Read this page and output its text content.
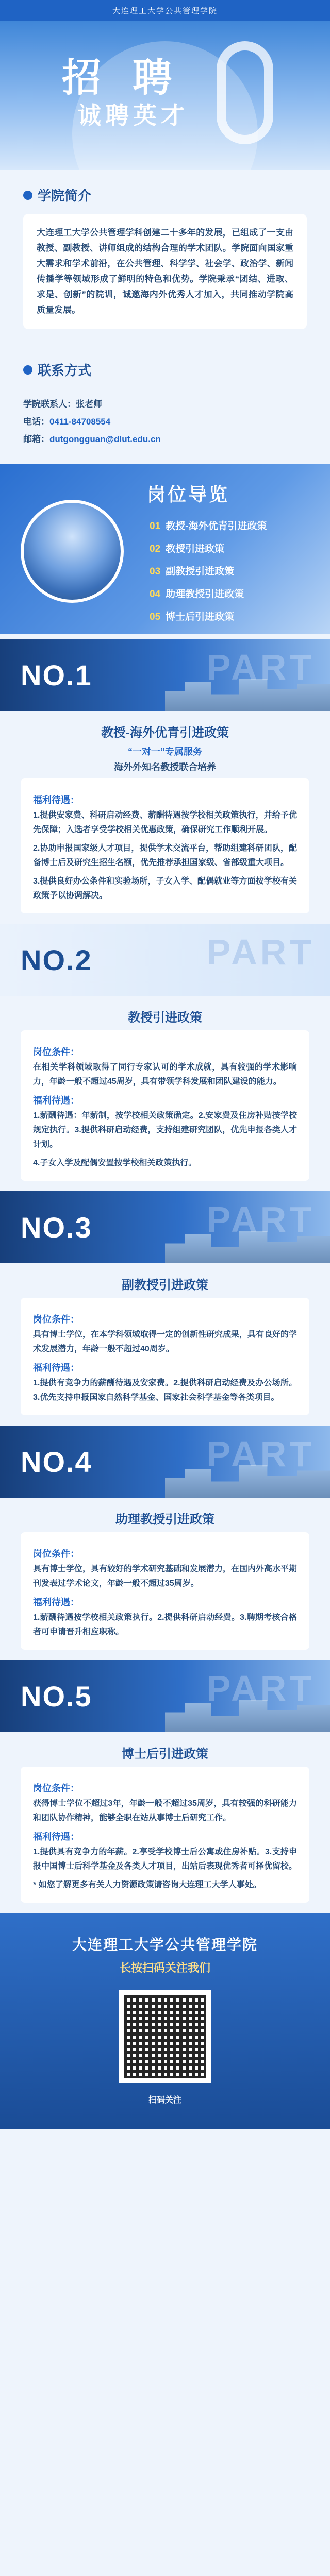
大连理工大学公共管理学院
招 聘
诚聘英才
学院简介
大连理工大学公共管理学科创建二十多年的发展，已组成了一支由教授、副教授、讲师组成的结构合理的学术团队。学院面向国家重大需求和学术前沿，在公共管理、科学学、社会学、政治学、新闻传播学等领域形成了鲜明的特色和优势。学院秉承“团结、进取、求是、创新”的院训，诚邀海内外优秀人才加入，共同推动学院高质量发展。
联系方式
学院联系人：张老师
电话：0411-84708554
邮箱：dutgongguan@dlut.edu.cn
岗位导览
01 教授-海外优青引进政策
02 教授引进政策
03 副教授引进政策
04 助理教授引进政策
05 博士后引进政策
PART
NO.1
教授-海外优青引进政策
“一对一”专属服务
海外外知名教授联合培养
福利待遇：

1.提供安家费、科研启动经费、薪酬待遇按学校相关政策执行，并给予优先保障；入选者享受学校相关优惠政策，确保研究工作顺利开展。

2.协助申报国家级人才项目，提供学术交流平台，帮助组建科研团队，配备博士后及研究生招生名额，优先推荐承担国家级、省部级重大项目。

3.提供良好办公条件和实验场所，子女入学、配偶就业等方面按学校有关政策予以协调解决。

PART
NO.2
教授引进政策
岗位条件：

在相关学科领域取得了同行专家认可的学术成就，具有较强的学术影响力，年龄一般不超过45周岁，具有带领学科发展和团队建设的能力。

福利待遇：

1.薪酬待遇：年薪制，按学校相关政策确定。2.安家费及住房补贴按学校规定执行。3.提供科研启动经费，支持组建研究团队，优先申报各类人才计划。

4.子女入学及配偶安置按学校相关政策执行。

PART
NO.3
副教授引进政策
岗位条件：

具有博士学位，在本学科领域取得一定的创新性研究成果，具有良好的学术发展潜力，年龄一般不超过40周岁。

福利待遇：

1.提供有竞争力的薪酬待遇及安家费。2.提供科研启动经费及办公场所。3.优先支持申报国家自然科学基金、国家社会科学基金等各类项目。

PART
NO.4
助理教授引进政策
岗位条件：

具有博士学位，具有较好的学术研究基础和发展潜力，在国内外高水平期刊发表过学术论文，年龄一般不超过35周岁。

福利待遇：

1.薪酬待遇按学校相关政策执行。2.提供科研启动经费。3.聘期考核合格者可申请晋升相应职称。

PART
NO.5
博士后引进政策
岗位条件：

获得博士学位不超过3年，年龄一般不超过35周岁，具有较强的科研能力和团队协作精神，能够全职在站从事博士后研究工作。

福利待遇：

1.提供具有竞争力的年薪。2.享受学校博士后公寓或住房补贴。3.支持申报中国博士后科学基金及各类人才项目，出站后表现优秀者可择优留校。

* 如您了解更多有关人力资源政策请咨询大连理工大学人事处。

大连理工大学公共管理学院
长按扫码关注我们
扫码关注
